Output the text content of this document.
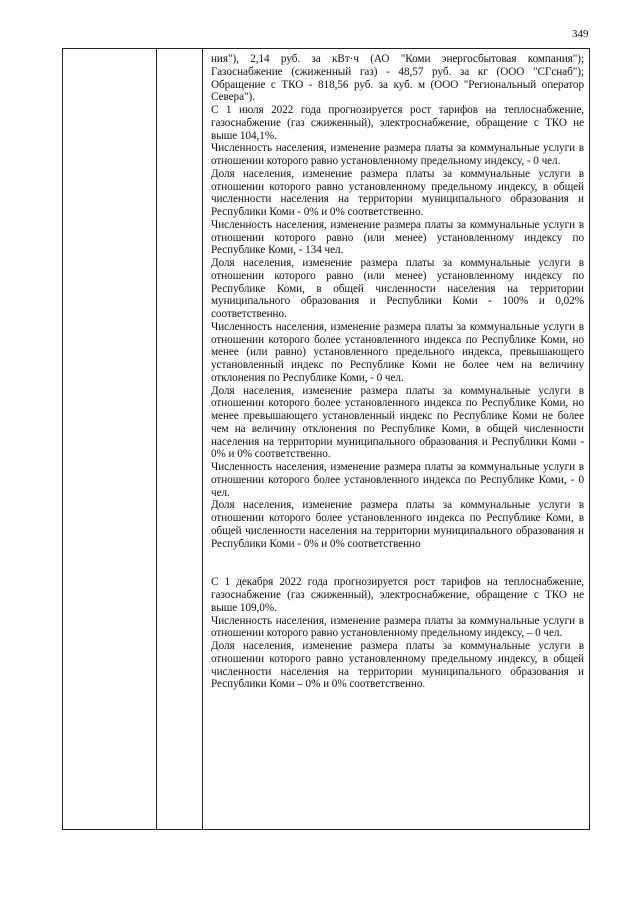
349

ния"), 2,14 руб. за кВт·ч (АО "Коми энергосбытовая компания"); Газоснабжение (сжиженный газ) - 48,57 руб. за кг (ООО "СГснаб"); Обращение с ТКО - 818,56 руб. за куб. м (ООО "Региональный оператор Севера").

С 1 июля 2022 года прогнозируется рост тарифов на теплоснабжение, газоснабжение (газ сжиженный), электроснабжение, обращение с ТКО не выше 104,1%.

Численность населения, изменение размера платы за коммунальные услуги в отношении которого равно установленному предельному индексу, - 0 чел.

Доля населения, изменение размера платы за коммунальные услуги в отношении которого равно установленному предельному индексу, в общей численности населения на территории муниципального образования и Республики Коми - 0% и 0% соответственно.

Численность населения, изменение размера платы за коммунальные услуги в отношении которого равно (или менее) установленному индексу по Республике Коми, - 134 чел.

Доля населения, изменение размера платы за коммунальные услуги в отношении которого равно (или менее) установленному индексу по Республике Коми, в общей численности населения на территории муниципального образования и Республики Коми - 100% и 0,02% соответственно.

Численность населения, изменение размера платы за коммунальные услуги в отношении которого более установленного индекса по Республике Коми, но менее (или равно) установленного предельного индекса, превышающего установленный индекс по Республике Коми не более чем на величину отклонения по Республике Коми, - 0 чел.

Доля населения, изменение размера платы за коммунальные услуги в отношении которого более установленного индекса по Республике Коми, но менее превышающего установленный индекс по Республике Коми не более чем на величину отклонения по Республике Коми, в общей численности населения на территории муниципального образования и Республики Коми - 0% и 0% соответственно.

Численность населения, изменение размера платы за коммунальные услуги в отношении которого более установленного индекса по Республике Коми, - 0 чел.

Доля населения, изменение размера платы за коммунальные услуги в отношении которого более установленного индекса по Республике Коми, в общей численности населения на территории муниципального образования и Республики Коми - 0% и 0% соответственно

С 1 декабря 2022 года прогнозируется рост тарифов на теплоснабжение, газоснабжение (газ сжиженный), электроснабжение, обращение с ТКО не выше 109,0%.

Численность населения, изменение размера платы за коммунальные услуги в отношении которого равно установленному предельному индексу, – 0 чел.

Доля населения, изменение размера платы за коммунальные услуги в отношении которого равно установленному предельному индексу, в общей численности населения на территории муниципального образования и Республики Коми – 0% и 0% соответственно.
